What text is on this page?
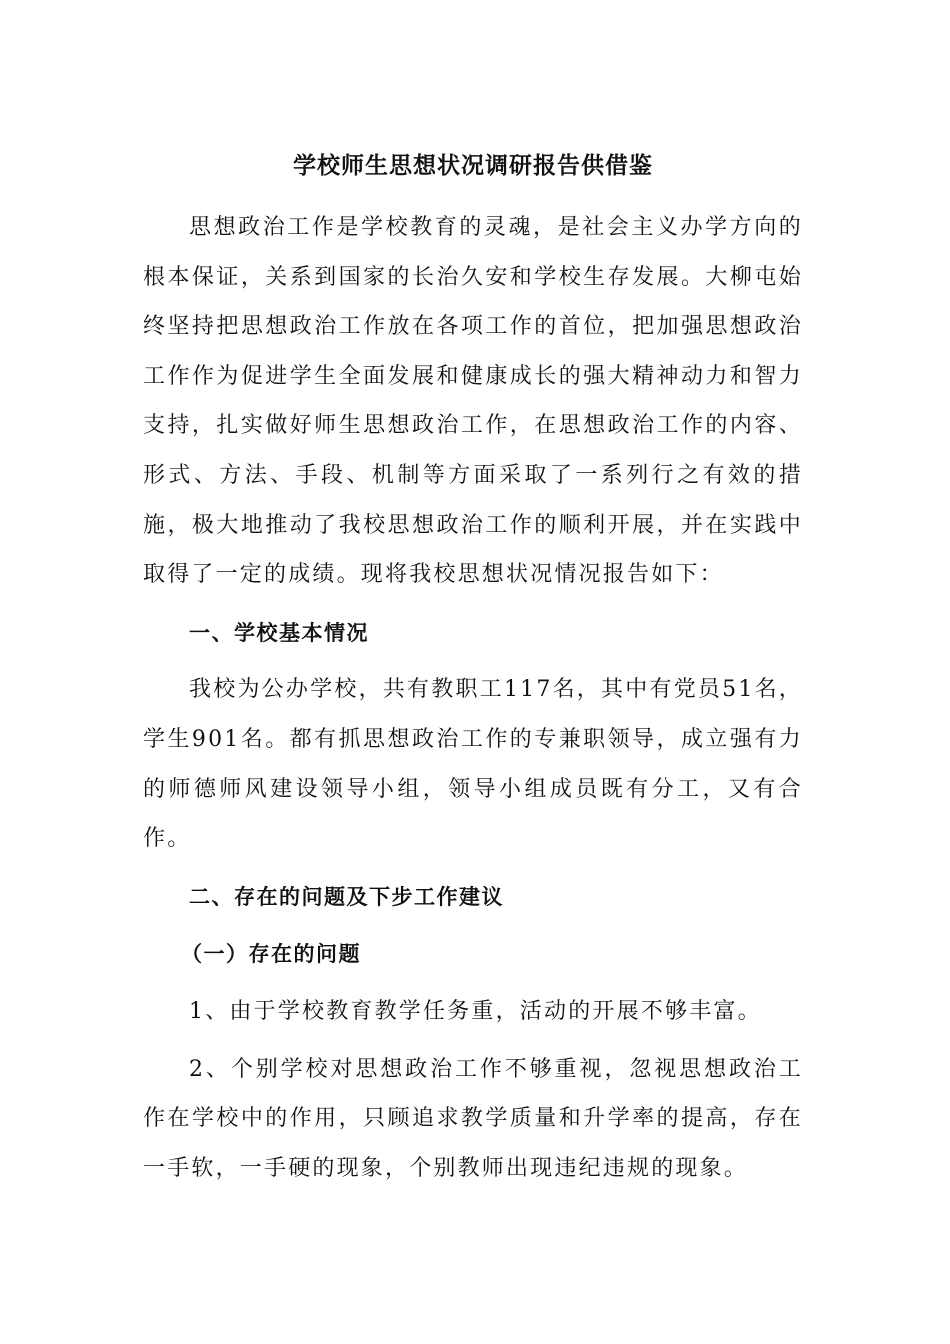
学校师生思想状况调研报告供借鉴

思想政治工作是学校教育的灵魂，是社会主义办学方向的根本保证，关系到国家的长治久安和学校生存发展。大柳屯始终坚持把思想政治工作放在各项工作的首位，把加强思想政治工作作为促进学生全面发展和健康成长的强大精神动力和智力支持，扎实做好师生思想政治工作，在思想政治工作的内容、形式、方法、手段、机制等方面采取了一系列行之有效的措施，极大地推动了我校思想政治工作的顺利开展，并在实践中取得了一定的成绩。现将我校思想状况情况报告如下：

一、学校基本情况

我校为公办学校，共有教职工117名，其中有党员51名，学生901名。都有抓思想政治工作的专兼职领导，成立强有力的师德师风建设领导小组，领导小组成员既有分工，又有合作。

二、存在的问题及下步工作建议
（一）存在的问题

1、由于学校教育教学任务重，活动的开展不够丰富。

2、个别学校对思想政治工作不够重视，忽视思想政治工作在学校中的作用，只顾追求教学质量和升学率的提高，存在一手软，一手硬的现象，个别教师出现违纪违规的现象。
